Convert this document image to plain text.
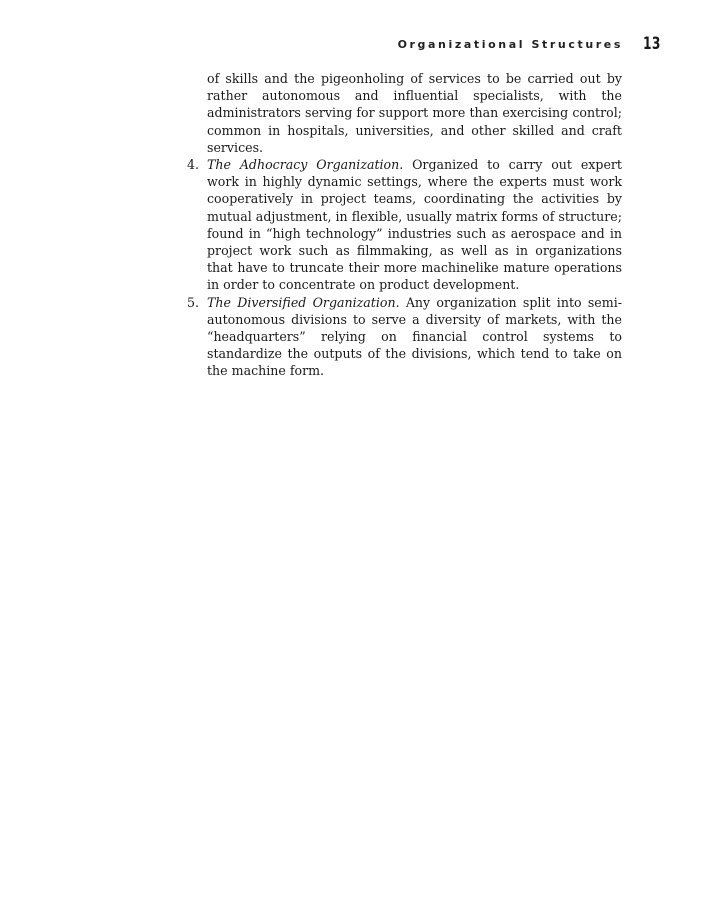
Organizational Structures 13

of skills and the pigeonholing of services to be carried out by rather autonomous and influential specialists, with the administrators serving for support more than exercising control; common in hospitals, universities, and other skilled and craft services.

4. The Adhocracy Organization. Organized to carry out expert work in highly dynamic settings, where the experts must work cooperatively in project teams, coordinating the activities by mutual adjustment, in flexible, usually matrix forms of structure; found in “high technology” industries such as aerospace and in project work such as filmmaking, as well as in organizations that have to truncate their more machinelike mature operations in order to concentrate on product development.
5. The Diversified Organization. Any organization split into semi-autonomous divisions to serve a diversity of markets, with the “headquarters” relying on financial control systems to standardize the outputs of the divisions, which tend to take on the machine form.
